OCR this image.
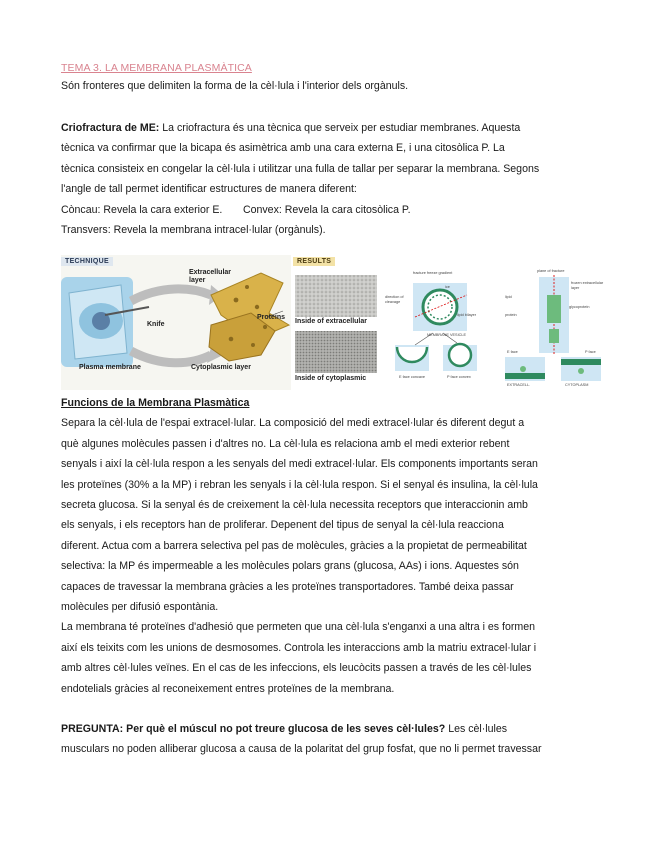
TEMA 3. LA MEMBRANA PLASMÀTICA
Són fronteres que delimiten la forma de la cèl·lula i l'interior dels orgànuls.
Criofractura de ME: La criofractura és una tècnica que serveix per estudiar membranes. Aquesta
tècnica va confirmar que la bicapa és asimètrica amb una cara externa E, i una citosòlica P. La
tècnica consisteix en congelar la cèl·lula i utilitzar una fulla de tallar per separar la membrana. Segons
l'angle de tall permet identificar estructures de manera diferent:
Còncau: Revela la cara exterior E. Convex: Revela la cara citosòlica P.
Transvers: Revela la membrana intracel·lular (orgànuls).
TECHNIQUE
Extracellular layer
Knife
Proteins
Plasma membrane	Cytoplasmic layer
RESULTS
Inside of extracellular
Inside of cytoplasmic
fracture freeze gradient
ice
direction of cleavage
lipid bilayer
MEMBRANE VESICLE
E face concave	P face convex
plane of fracture
frozen extracellular layer
glycoprotein
lipid
protein
E face	P face
EXTRACELL.	CYTOPLASM
Funcions de la Membrana Plasmàtica
Separa la cèl·lula de l'espai extracel·lular. La composició del medi extracel·lular és diferent degut a
què algunes molècules passen i d'altres no. La cèl·lula es relaciona amb el medi exterior rebent
senyals i així la cèl·lula respon a les senyals del medi extracel·lular. Els components importants seran
les proteïnes (30% a la MP) i rebran les senyals i la cèl·lula respon. Si el senyal és insulina, la cèl·lula
secreta glucosa. Si la senyal és de creixement la cèl·lula necessita receptors que interaccionin amb
els senyals, i els receptors han de proliferar. Depenent del tipus de senyal la cèl·lula reacciona
diferent. Actua com a barrera selectiva pel pas de molècules, gràcies a la propietat de permeabilitat
selectiva: la MP és impermeable a les molècules polars grans (glucosa, AAs) i ions. Aquestes són
capaces de travessar la membrana gràcies a les proteïnes transportadores. També deixa passar
molècules per difusió espontània.
La membrana té proteïnes d'adhesió que permeten que una cèl·lula s'enganxi a una altra i es formen
així els teixits com les unions de desmosomes. Controla les interaccions amb la matriu extracel·lular i
amb altres cèl·lules veïnes. En el cas de les infeccions, els leucòcits passen a través de les cèl·lules
endotelials gràcies al reconeixement entres proteïnes de la membrana.
PREGUNTA: Per què el múscul no pot treure glucosa de les seves cèl·lules? Les cèl·lules
musculars no poden alliberar glucosa a causa de la polaritat del grup fosfat, que no li permet travessar
